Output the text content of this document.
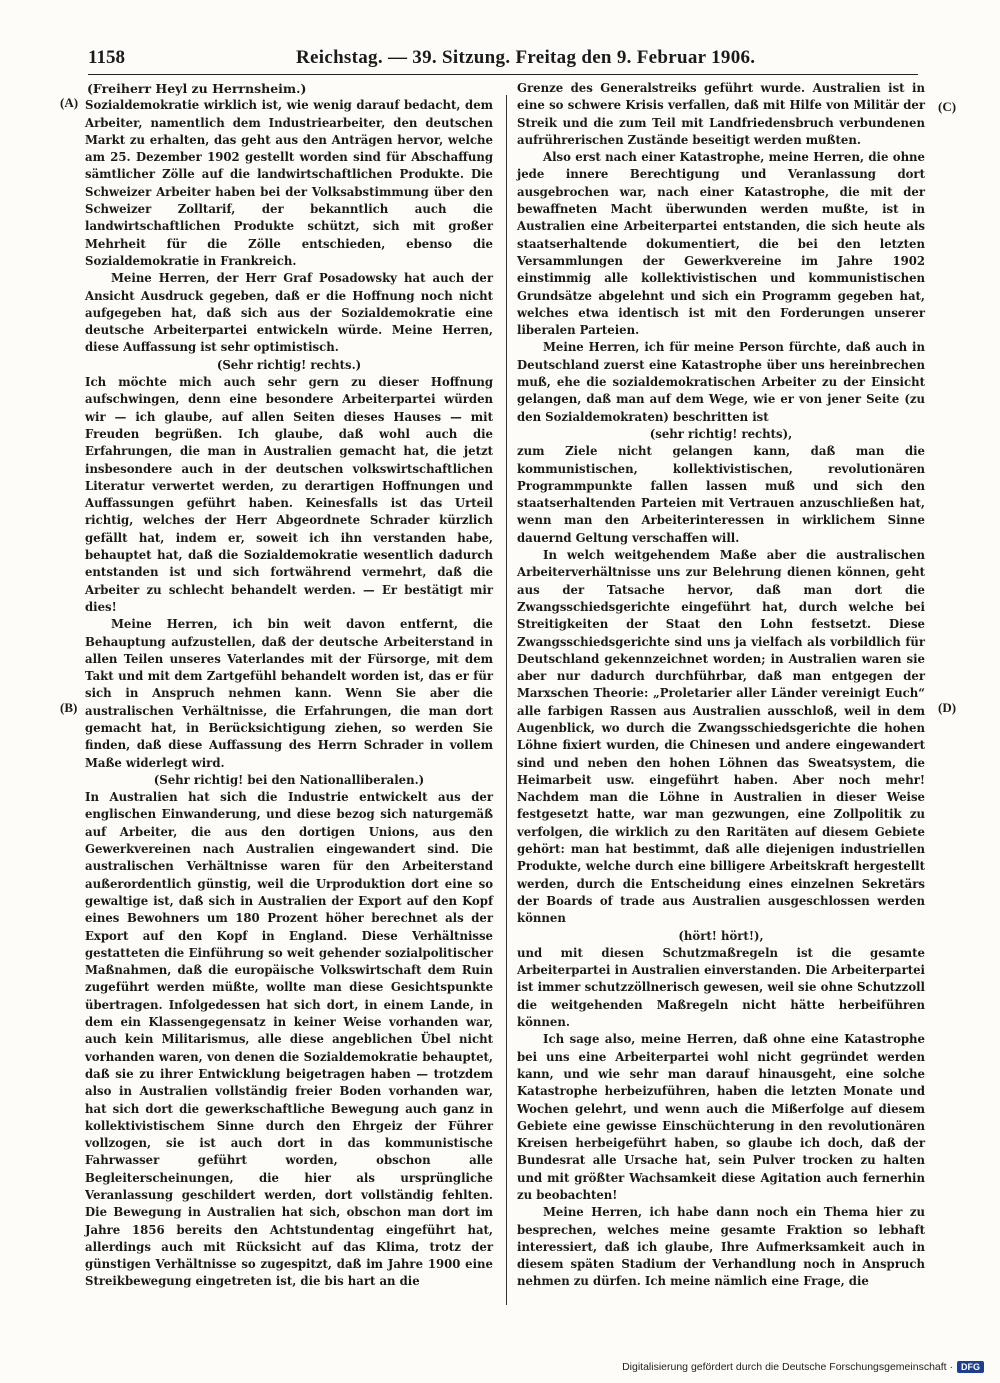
1158	Reichstag. — 39. Sitzung. Freitag den 9. Februar 1906.
(A)
(B)
(C)
(D)

(Freiherr Heyl zu Herrnsheim.)

Sozialdemokratie wirklich ist, wie wenig darauf bedacht, dem Arbeiter, namentlich dem Industriearbeiter, den deutschen Markt zu erhalten, das geht aus den Anträgen hervor, welche am 25. Dezember 1902 gestellt worden sind für Abschaffung sämtlicher Zölle auf die landwirtschaftlichen Produkte. Die Schweizer Arbeiter haben bei der Volksabstimmung über den Schweizer Zolltarif, der bekanntlich auch die landwirtschaftlichen Produkte schützt, sich mit großer Mehrheit für die Zölle entschieden, ebenso die Sozialdemokratie in Frankreich.

Meine Herren, der Herr Graf Posadowsky hat auch der Ansicht Ausdruck gegeben, daß er die Hoffnung noch nicht aufgegeben hat, daß sich aus der Sozialdemokratie eine deutsche Arbeiterpartei entwickeln würde. Meine Herren, diese Auffassung ist sehr optimistisch.

(Sehr richtig! rechts.)

Ich möchte mich auch sehr gern zu dieser Hoffnung aufschwingen, denn eine besondere Arbeiterpartei würden wir — ich glaube, auf allen Seiten dieses Hauses — mit Freuden begrüßen. Ich glaube, daß wohl auch die Erfahrungen, die man in Australien gemacht hat, die jetzt insbesondere auch in der deutschen volkswirtschaftlichen Literatur verwertet werden, zu derartigen Hoffnungen und Auffassungen geführt haben. Keinesfalls ist das Urteil richtig, welches der Herr Abgeordnete Schrader kürzlich gefällt hat, indem er, soweit ich ihn verstanden habe, behauptet hat, daß die Sozialdemokratie wesentlich dadurch entstanden ist und sich fortwährend vermehrt, daß die Arbeiter zu schlecht behandelt werden. — Er bestätigt mir dies!

Meine Herren, ich bin weit davon entfernt, die Behauptung aufzustellen, daß der deutsche Arbeiterstand in allen Teilen unseres Vaterlandes mit der Fürsorge, mit dem Takt und mit dem Zartgefühl behandelt worden ist, das er für sich in Anspruch nehmen kann. Wenn Sie aber die australischen Verhältnisse, die Erfahrungen, die man dort gemacht hat, in Berücksichtigung ziehen, so werden Sie finden, daß diese Auffassung des Herrn Schrader in vollem Maße widerlegt wird.

(Sehr richtig! bei den Nationalliberalen.)

In Australien hat sich die Industrie entwickelt aus der englischen Einwanderung, und diese bezog sich naturgemäß auf Arbeiter, die aus den dortigen Unions, aus den Gewerkvereinen nach Australien eingewandert sind. Die australischen Verhältnisse waren für den Arbeiterstand außerordentlich günstig, weil die Urproduktion dort eine so gewaltige ist, daß sich in Australien der Export auf den Kopf eines Bewohners um 180 Prozent höher berechnet als der Export auf den Kopf in England. Diese Verhältnisse gestatteten die Einführung so weit gehender sozialpolitischer Maßnahmen, daß die europäische Volkswirtschaft dem Ruin zugeführt werden müßte, wollte man diese Gesichtspunkte übertragen. Infolgedessen hat sich dort, in einem Lande, in dem ein Klassengegensatz in keiner Weise vorhanden war, auch kein Militarismus, alle diese angeblichen Übel nicht vorhanden waren, von denen die Sozialdemokratie behauptet, daß sie zu ihrer Entwicklung beigetragen haben — trotzdem also in Australien vollständig freier Boden vorhanden war, hat sich dort die gewerkschaftliche Bewegung auch ganz in kollektivistischem Sinne durch den Ehrgeiz der Führer vollzogen, sie ist auch dort in das kommunistische Fahrwasser geführt worden, obschon alle Begleiterscheinungen, die hier als ursprüngliche Veranlassung geschildert werden, dort vollständig fehlten. Die Bewegung in Australien hat sich, obschon man dort im Jahre 1856 bereits den Achtstundentag eingeführt hat, allerdings auch mit Rücksicht auf das Klima, trotz der günstigen Verhältnisse so zugespitzt, daß im Jahre 1900 eine Streikbewegung eingetreten ist, die bis hart an die

Grenze des Generalstreiks geführt wurde. Australien ist in eine so schwere Krisis verfallen, daß mit Hilfe von Militär der Streik und die zum Teil mit Landfriedensbruch verbundenen aufrührerischen Zustände beseitigt werden mußten.

Also erst nach einer Katastrophe, meine Herren, die ohne jede innere Berechtigung und Veranlassung dort ausgebrochen war, nach einer Katastrophe, die mit der bewaffneten Macht überwunden werden mußte, ist in Australien eine Arbeiterpartei entstanden, die sich heute als staatserhaltende dokumentiert, die bei den letzten Versammlungen der Gewerkvereine im Jahre 1902 einstimmig alle kollektivistischen und kommunistischen Grundsätze abgelehnt und sich ein Programm gegeben hat, welches etwa identisch ist mit den Forderungen unserer liberalen Parteien.

Meine Herren, ich für meine Person fürchte, daß auch in Deutschland zuerst eine Katastrophe über uns hereinbrechen muß, ehe die sozialdemokratischen Arbeiter zu der Einsicht gelangen, daß man auf dem Wege, wie er von jener Seite (zu den Sozialdemokraten) beschritten ist

(sehr richtig! rechts),

zum Ziele nicht gelangen kann, daß man die kommunistischen, kollektivistischen, revolutionären Programmpunkte fallen lassen muß und sich den staatserhaltenden Parteien mit Vertrauen anzuschließen hat, wenn man den Arbeiterinteressen in wirklichem Sinne dauernd Geltung verschaffen will.

In welch weitgehendem Maße aber die australischen Arbeiterverhältnisse uns zur Belehrung dienen können, geht aus der Tatsache hervor, daß man dort die Zwangsschiedsgerichte eingeführt hat, durch welche bei Streitigkeiten der Staat den Lohn festsetzt. Diese Zwangsschiedsgerichte sind uns ja vielfach als vorbildlich für Deutschland gekennzeichnet worden; in Australien waren sie aber nur dadurch durchführbar, daß man entgegen der Marxschen Theorie: „Proletarier aller Länder vereinigt Euch“ alle farbigen Rassen aus Australien ausschloß, weil in dem Augenblick, wo durch die Zwangsschiedsgerichte die hohen Löhne fixiert wurden, die Chinesen und andere eingewandert sind und neben den hohen Löhnen das Sweatsystem, die Heimarbeit usw. eingeführt haben. Aber noch mehr! Nachdem man die Löhne in Australien in dieser Weise festgesetzt hatte, war man gezwungen, eine Zollpolitik zu verfolgen, die wirklich zu den Raritäten auf diesem Gebiete gehört: man hat bestimmt, daß alle diejenigen industriellen Produkte, welche durch eine billigere Arbeitskraft hergestellt werden, durch die Entscheidung eines einzelnen Sekretärs der Boards of trade aus Australien ausgeschlossen werden können

(hört! hört!),

und mit diesen Schutzmaßregeln ist die gesamte Arbeiterpartei in Australien einverstanden. Die Arbeiterpartei ist immer schutzzöllnerisch gewesen, weil sie ohne Schutzzoll die weitgehenden Maßregeln nicht hätte herbeiführen können.

Ich sage also, meine Herren, daß ohne eine Katastrophe bei uns eine Arbeiterpartei wohl nicht gegründet werden kann, und wie sehr man darauf hinausgeht, eine solche Katastrophe herbeizuführen, haben die letzten Monate und Wochen gelehrt, und wenn auch die Mißerfolge auf diesem Gebiete eine gewisse Einschüchterung in den revolutionären Kreisen herbeigeführt haben, so glaube ich doch, daß der Bundesrat alle Ursache hat, sein Pulver trocken zu halten und mit größter Wachsamkeit diese Agitation auch fernerhin zu beobachten!

Meine Herren, ich habe dann noch ein Thema hier zu besprechen, welches meine gesamte Fraktion so lebhaft interessiert, daß ich glaube, Ihre Aufmerksamkeit auch in diesem späten Stadium der Verhandlung noch in Anspruch nehmen zu dürfen. Ich meine nämlich eine Frage, die

Digitalisierung gefördert durch die Deutsche Forschungsgemeinschaft · DFG
